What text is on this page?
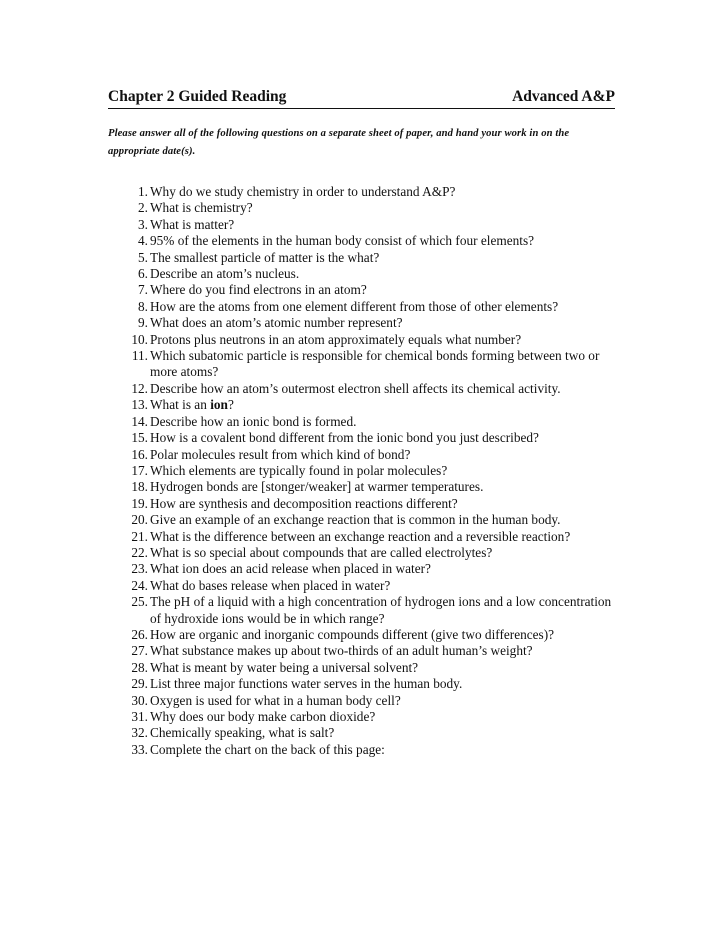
Chapter 2 Guided Reading	Advanced A&P
Please answer all of the following questions on a separate sheet of paper, and hand your work in on the appropriate date(s).
1. Why do we study chemistry in order to understand A&P?
2. What is chemistry?
3. What is matter?
4. 95% of the elements in the human body consist of which four elements?
5. The smallest particle of matter is the what?
6. Describe an atom’s nucleus.
7. Where do you find electrons in an atom?
8. How are the atoms from one element different from those of other elements?
9. What does an atom’s atomic number represent?
10. Protons plus neutrons in an atom approximately equals what number?
11. Which subatomic particle is responsible for chemical bonds forming between two or more atoms?
12. Describe how an atom’s outermost electron shell affects its chemical activity.
13. What is an ion?
14. Describe how an ionic bond is formed.
15. How is a covalent bond different from the ionic bond you just described?
16. Polar molecules result from which kind of bond?
17. Which elements are typically found in polar molecules?
18. Hydrogen bonds are [stonger/weaker] at warmer temperatures.
19. How are synthesis and decomposition reactions different?
20. Give an example of an exchange reaction that is common in the human body.
21. What is the difference between an exchange reaction and a reversible reaction?
22. What is so special about compounds that are called electrolytes?
23. What ion does an acid release when placed in water?
24. What do bases release when placed in water?
25. The pH of a liquid with a high concentration of hydrogen ions and a low concentration of hydroxide ions would be in which range?
26. How are organic and inorganic compounds different (give two differences)?
27. What substance makes up about two-thirds of an adult human’s weight?
28. What is meant by water being a universal solvent?
29. List three major functions water serves in the human body.
30. Oxygen is used for what in a human body cell?
31. Why does our body make carbon dioxide?
32. Chemically speaking, what is salt?
33. Complete the chart on the back of this page:
